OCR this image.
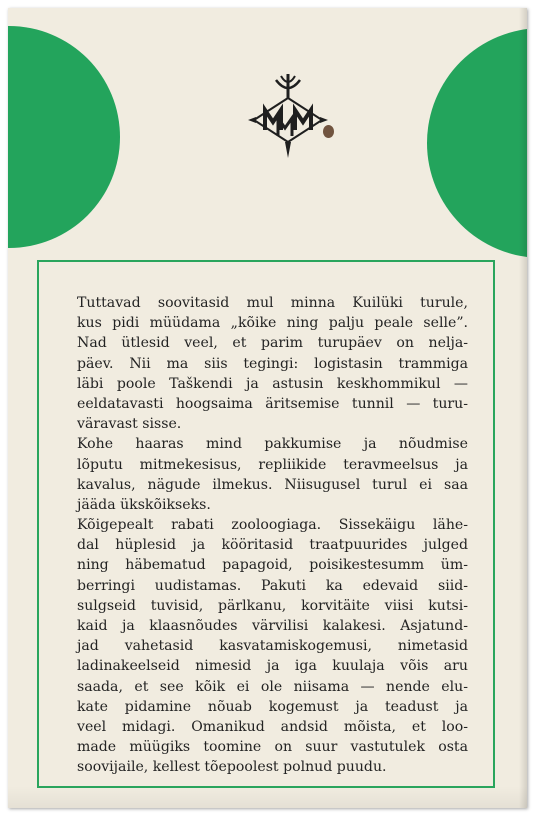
Tuttavad soovitasid mul minna Kuilüki turule,
kus pidi müüdama „kõike ning palju peale selle”.
Nad ütlesid veel, et parim turupäev on nelja-
päev. Nii ma siis tegingi: logistasin trammiga
läbi poole Taškendi ja astusin keskhommikul —
eeldatavasti hoogsaima äritsemise tunnil — turu-
väravast sisse.
Kohe haaras mind pakkumise ja nõudmise
lõputu mitmekesisus, repliikide teravmeelsus ja
kavalus, nägude ilmekus. Niisugusel turul ei saa
jääda ükskõikseks.
Kõigepealt rabati zooloogiaga. Sissekäigu lähe-
dal hüplesid ja kööritasid traatpuurides julged
ning häbematud papagoid, poisikestesumm üm-
berringi uudistamas. Pakuti ka edevaid siid-
sulgseid tuvisid, pärlkanu, korvitäite viisi kutsi-
kaid ja klaasnõudes värvilisi kalakesi. Asjatund-
jad vahetasid kasvatamiskogemusi, nimetasid
ladinakeelseid nimesid ja iga kuulaja võis aru
saada, et see kõik ei ole niisama — nende elu-
kate pidamine nõuab kogemust ja teadust ja
veel midagi. Omanikud andsid mõista, et loo-
made müügiks toomine on suur vastutulek osta
soovijaile, kellest tõepoolest polnud puudu.
